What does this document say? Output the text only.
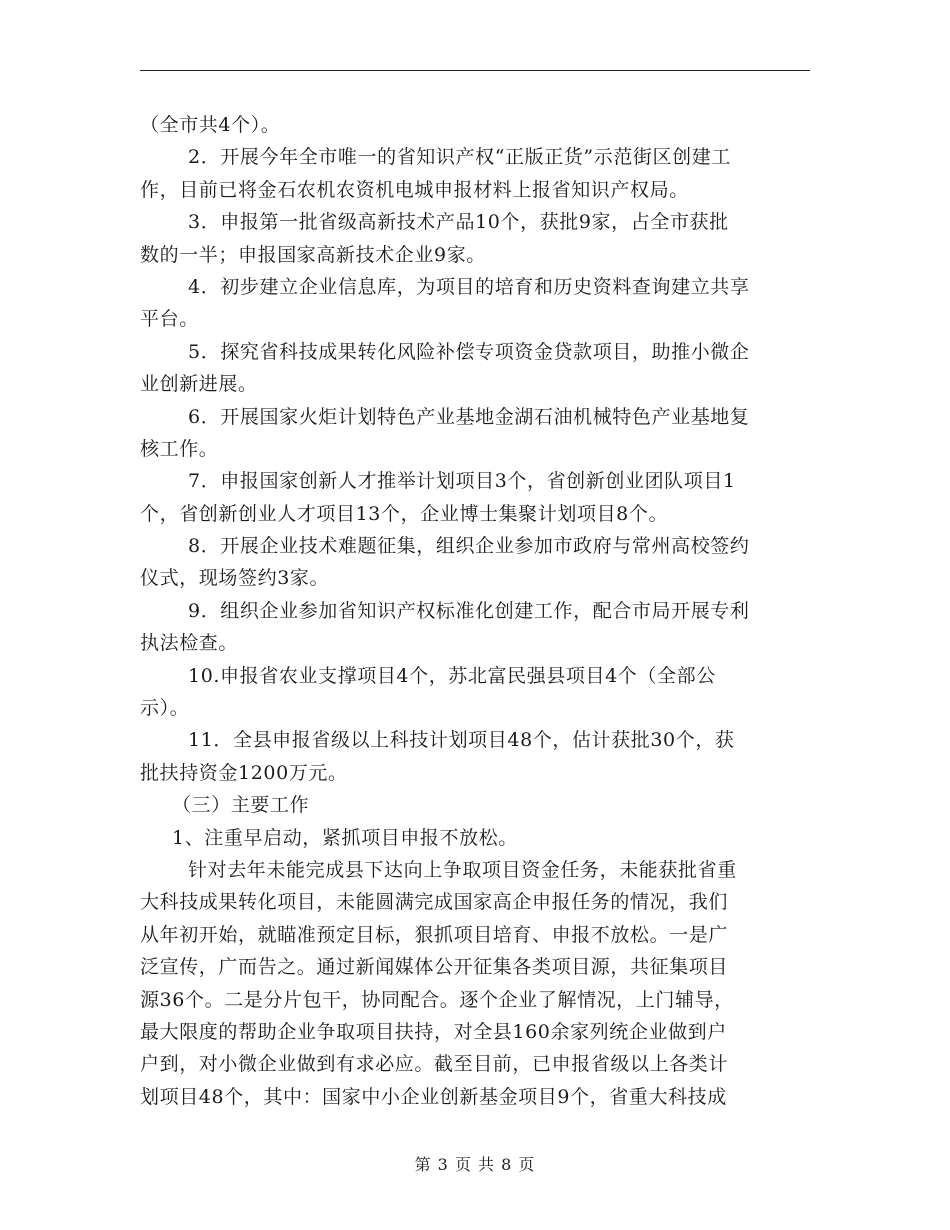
（全市共4个）。
2．开展今年全市唯一的省知识产权“正版正货”示范街区创建工
作，目前已将金石农机农资机电城申报材料上报省知识产权局。
3．申报第一批省级高新技术产品10个，获批9家，占全市获批
数的一半；申报国家高新技术企业9家。
4．初步建立企业信息库，为项目的培育和历史资料查询建立共享
平台。
5．探究省科技成果转化风险补偿专项资金贷款项目，助推小微企
业创新进展。
6．开展国家火炬计划特色产业基地金湖石油机械特色产业基地复
核工作。
7．申报国家创新人才推举计划项目3个，省创新创业团队项目1
个，省创新创业人才项目13个，企业博士集聚计划项目8个。
8．开展企业技术难题征集，组织企业参加市政府与常州高校签约
仪式，现场签约3家。
9．组织企业参加省知识产权标准化创建工作，配合市局开展专利
执法检查。
10.申报省农业支撑项目4个，苏北富民强县项目4个（全部公
示）。
11．全县申报省级以上科技计划项目48个，估计获批30个，获
批扶持资金1200万元。
（三）主要工作
1、注重早启动，紧抓项目申报不放松。
针对去年未能完成县下达向上争取项目资金任务，未能获批省重
大科技成果转化项目，未能圆满完成国家高企申报任务的情况，我们
从年初开始，就瞄准预定目标，狠抓项目培育、申报不放松。一是广
泛宣传，广而告之。通过新闻媒体公开征集各类项目源，共征集项目
源36个。二是分片包干，协同配合。逐个企业了解情况，上门辅导，
最大限度的帮助企业争取项目扶持，对全县160余家列统企业做到户
户到，对小微企业做到有求必应。截至目前，已申报省级以上各类计
划项目48个，其中：国家中小企业创新基金项目9个，省重大科技成
第 3 页 共 8 页
